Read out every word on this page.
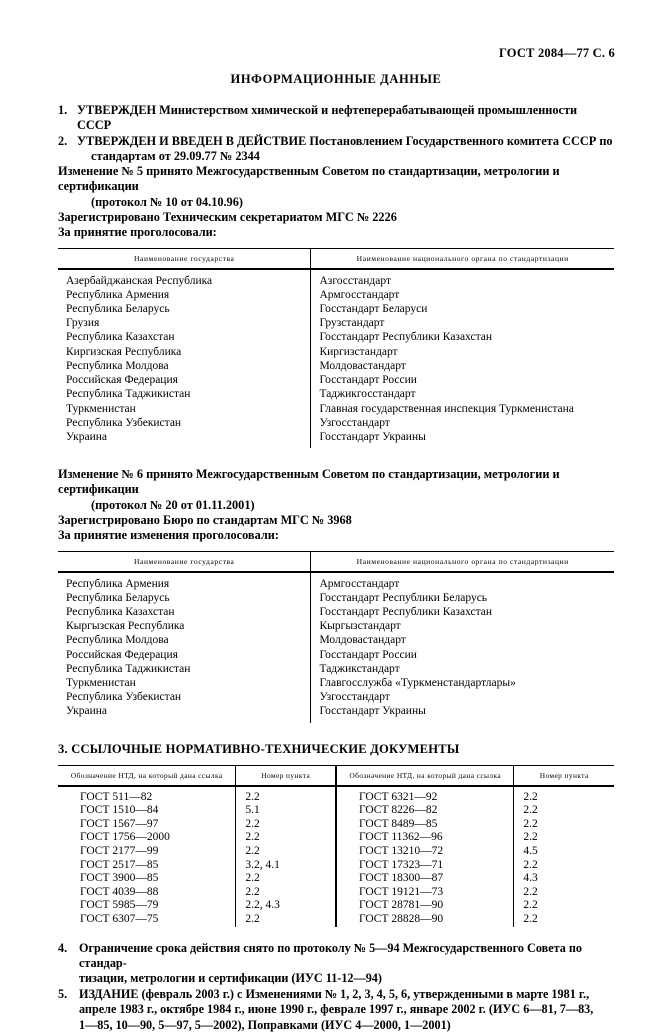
ГОСТ 2084—77 С. 6
ИНФОРМАЦИОННЫЕ ДАННЫЕ
1. УТВЕРЖДЕН Министерством химической и нефтеперерабатывающей промышленности СССР
2. УТВЕРЖДЕН И ВВЕДЕН В ДЕЙСТВИЕ Постановлением Государственного комитета СССР по
стандартам от 29.09.77 № 2344
Изменение № 5 принято Межгосударственным Советом по стандартизации, метрологии и сертификации
(протокол № 10 от 04.10.96)
Зарегистрировано Техническим секретариатом МГС № 2226
За принятие проголосовали:
Наименование государства	Наименование национального органа по стандартизации
Азербайджанская Республика	Азгосстандарт
Республика Армения	Армгосстандарт
Республика Беларусь	Госстандарт Беларуси
Грузия	Грузстандарт
Республика Казахстан	Госстандарт Республики Казахстан
Киргизская Республика	Киргизстандарт
Республика Молдова	Молдовастандарт
Российская Федерация	Госстандарт России
Республика Таджикистан	Таджикгосстандарт
Туркменистан	Главная государственная инспекция Туркменистана
Республика Узбекистан	Узгосстандарт
Украина	Госстандарт Украины
Изменение № 6 принято Межгосударственным Советом по стандартизации, метрологии и сертификации
(протокол № 20 от 01.11.2001)
Зарегистрировано Бюро по стандартам МГС № 3968
За принятие изменения проголосовали:
Наименование государства	Наименование национального органа по стандартизации
Республика Армения	Армгосстандарт
Республика Беларусь	Госстандарт Республики Беларусь
Республика Казахстан	Госстандарт Республики Казахстан
Кыргызская Республика	Кыргызстандарт
Республика Молдова	Молдовастандарт
Российская Федерация	Госстандарт России
Республика Таджикистан	Таджикстандарт
Туркменистан	Главгосслужба «Туркменстандартлары»
Республика Узбекистан	Узгосстандарт
Украина	Госстандарт Украины
3. ССЫЛОЧНЫЕ НОРМАТИВНО-ТЕХНИЧЕСКИЕ ДОКУМЕНТЫ
Обозначение НТД, на который дана ссылка	Номер пункта	Обозначение НТД, на который дана ссылка	Номер пункта
ГОСТ 511—82	2.2	ГОСТ 6321—92	2.2
ГОСТ 1510—84	5.1	ГОСТ 8226—82	2.2
ГОСТ 1567—97	2.2	ГОСТ 8489—85	2.2
ГОСТ 1756—2000	2.2	ГОСТ 11362—96	2.2
ГОСТ 2177—99	2.2	ГОСТ 13210—72	4.5
ГОСТ 2517—85	3.2, 4.1	ГОСТ 17323—71	2.2
ГОСТ 3900—85	2.2	ГОСТ 18300—87	4.3
ГОСТ 4039—88	2.2	ГОСТ 19121—73	2.2
ГОСТ 5985—79	2.2, 4.3	ГОСТ 28781—90	2.2
ГОСТ 6307—75	2.2	ГОСТ 28828—90	2.2
4. Ограничение срока действия снято по протоколу № 5—94 Межгосударственного Совета по стандар-
тизации, метрологии и сертификации (ИУС 11-12—94)
5. ИЗДАНИЕ (февраль 2003 г.) с Изменениями № 1, 2, 3, 4, 5, 6, утвержденными в марте 1981 г.,
апреле 1983 г., октябре 1984 г., июне 1990 г., феврале 1997 г., январе 2002 г. (ИУС 6—81, 7—83,
1—85, 10—90, 5—97, 5—2002), Поправками (ИУС 4—2000, 1—2001)
